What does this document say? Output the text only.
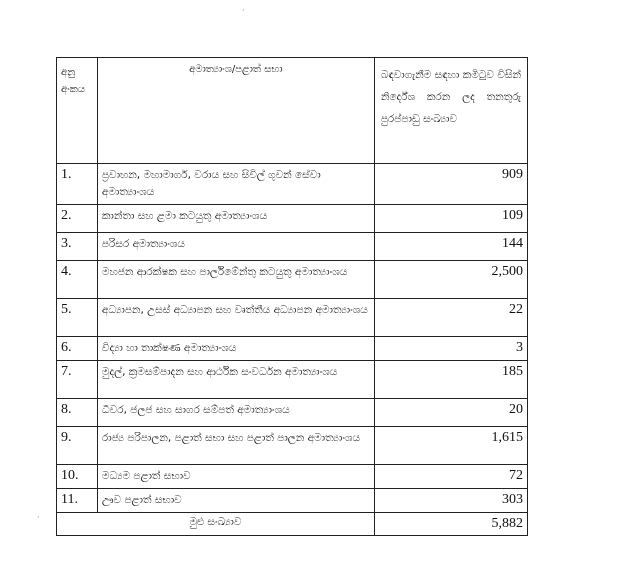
අනු අංකය	අමාත්‍යාංශ/පළාත් සභා	බඳවාගැනීම සඳහා කමිටුව විසින් නිර්දේශ කරන ලද තනතුරු පුරප්පාඩු සංඛ්‍යාව
1.	ප්‍රවාහන, මහාමාර්ග, වරාය සහ සිවිල් ගුවන් සේවා අමාත්‍යාංශය	909
2.	කාන්තා සහ ළමා කටයුතු අමාත්‍යාංශය	109
3.	පරිසර අමාත්‍යාංශය	144
4.	මහජන ආරක්ෂක සහ පාර්ලිමේන්තු කටයුතු අමාත්‍යාංශය	2,500
5.	අධ්‍යාපන, උසස් අධ්‍යාපන සහ වෘත්තීය අධ්‍යාපන අමාත්‍යාංශය	22
6.	විද්‍යා හා තාක්ෂණ අමාත්‍යාංශය	3
7.	මුදල්, ක්‍රමසම්පාදන සහ ආර්ථික සංවර්ධන අමාත්‍යාංශය	185
8.	ධීවර, ජලජ සහ සාගර සම්පත් අමාත්‍යාංශය	20
9.	රාජ්‍ය පරිපාලන, පළාත් සභා සහ පළාත් පාලන අමාත්‍යාංශය	1,615
10.	මධ්‍යම පළාත් සභාව	72
11.	ඌව පළාත් සභාව	303
මුළු සංඛ්‍යාව		5,882
·
·
